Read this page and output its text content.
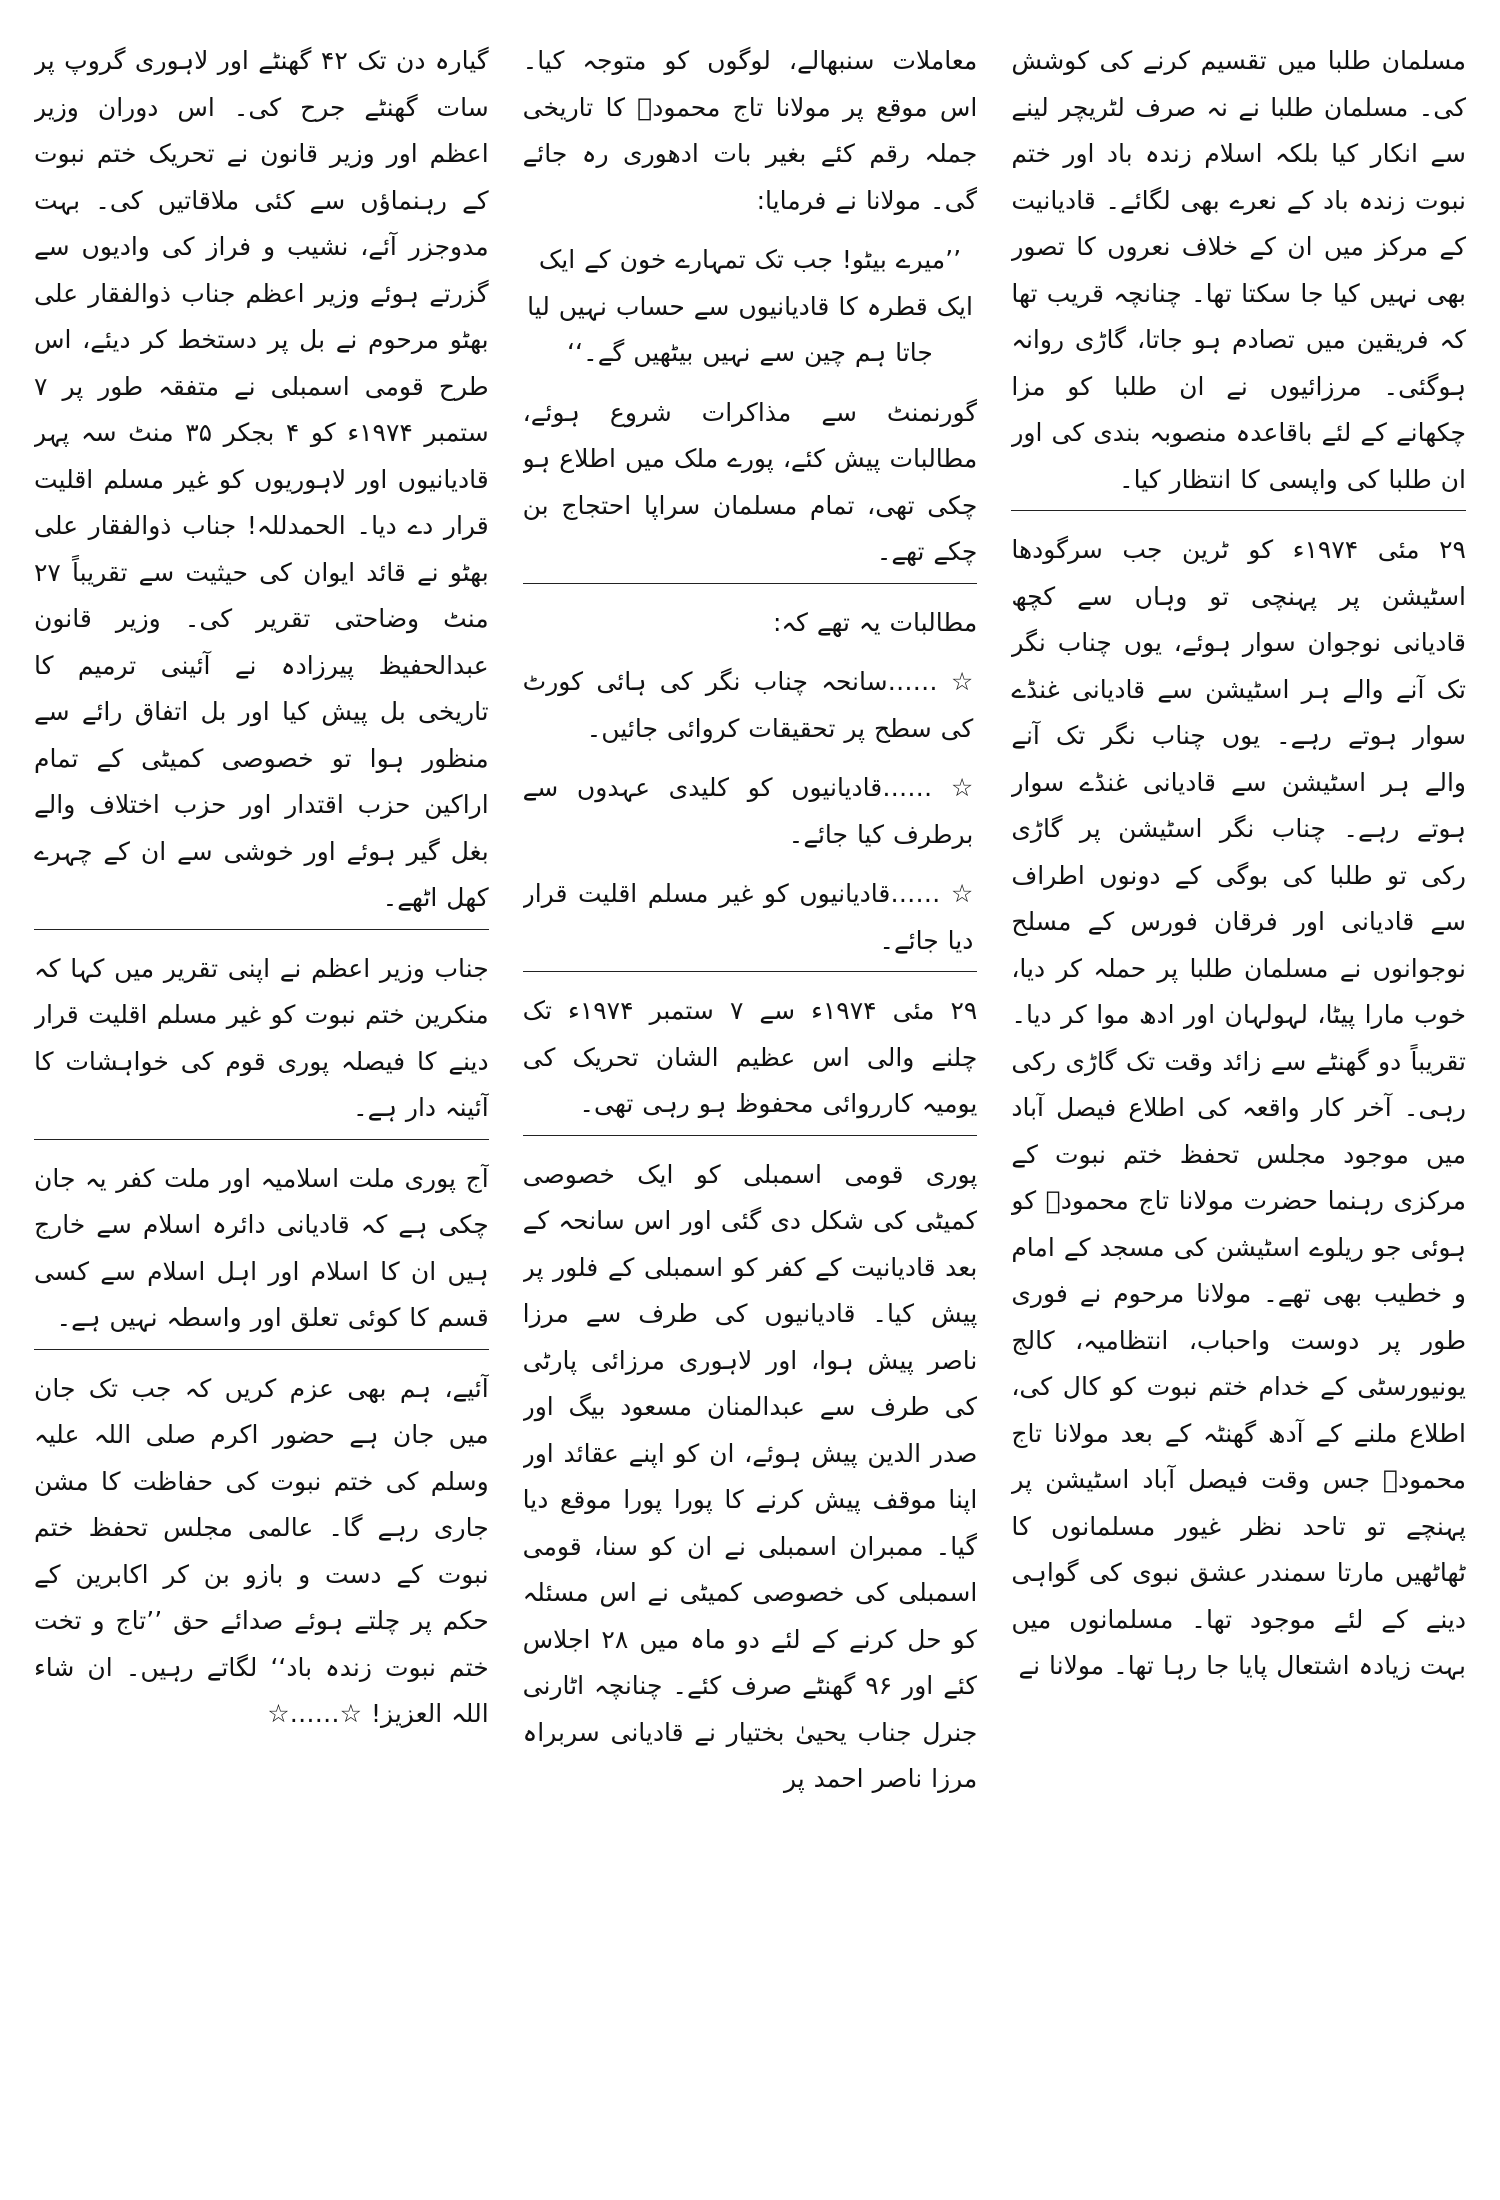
مسلمان طلبا میں تقسیم کرنے کی کوشش کی۔ مسلمان طلبا نے نہ صرف لٹریچر لینے سے انکار کیا بلکہ اسلام زندہ باد اور ختم نبوت زندہ باد کے نعرے بھی لگائے۔ قادیانیت کے مرکز میں ان کے خلاف نعروں کا تصور بھی نہیں کیا جا سکتا تھا۔ چنانچہ قریب تھا کہ فریقین میں تصادم ہو جاتا، گاڑی روانہ ہوگئی۔ مرزائیوں نے ان طلبا کو مزا چکھانے کے لئے باقاعدہ منصوبہ بندی کی اور ان طلبا کی واپسی کا انتظار کیا۔

۲۹ مئی ۱۹۷۴ء کو ٹرین جب سرگودھا اسٹیشن پر پہنچی تو وہاں سے کچھ قادیانی نوجوان سوار ہوئے، یوں چناب نگر تک آنے والے ہر اسٹیشن سے قادیانی غنڈے سوار ہوتے رہے۔ یوں چناب نگر تک آنے والے ہر اسٹیشن سے قادیانی غنڈے سوار ہوتے رہے۔ چناب نگر اسٹیشن پر گاڑی رکی تو طلبا کی بوگی کے دونوں اطراف سے قادیانی اور فرقان فورس کے مسلح نوجوانوں نے مسلمان طلبا پر حملہ کر دیا، خوب مارا پیٹا، لہولہان اور ادھ موا کر دیا۔ تقریباً دو گھنٹے سے زائد وقت تک گاڑی رکی رہی۔ آخر کار واقعہ کی اطلاع فیصل آباد میں موجود مجلس تحفظ ختم نبوت کے مرکزی رہنما حضرت مولانا تاج محمودؒ کو ہوئی جو ریلوے اسٹیشن کی مسجد کے امام و خطیب بھی تھے۔ مولانا مرحوم نے فوری طور پر دوست واحباب، انتظامیہ، کالج یونیورسٹی کے خدام ختم نبوت کو کال کی، اطلاع ملنے کے آدھ گھنٹہ کے بعد مولانا تاج محمودؒ جس وقت فیصل آباد اسٹیشن پر پہنچے تو تاحد نظر غیور مسلمانوں کا ٹھاٹھیں مارتا سمندر عشق نبوی کی گواہی دینے کے لئے موجود تھا۔ مسلمانوں میں بہت زیادہ اشتعال پایا جا رہا تھا۔ مولانا نے

معاملات سنبھالے، لوگوں کو متوجہ کیا۔ اس موقع پر مولانا تاج محمودؒ کا تاریخی جملہ رقم کئے بغیر بات ادھوری رہ جائے گی۔ مولانا نے فرمایا:

’’میرے بیٹو! جب تک تمہارے خون کے ایک ایک قطرہ کا قادیانیوں سے حساب نہیں لیا جاتا ہم چین سے نہیں بیٹھیں گے۔‘‘

گورنمنٹ سے مذاکرات شروع ہوئے، مطالبات پیش کئے، پورے ملک میں اطلاع ہو چکی تھی، تمام مسلمان سراپا احتجاج بن چکے تھے۔

مطالبات یہ تھے کہ:

☆ ……سانحہ چناب نگر کی ہائی کورٹ کی سطح پر تحقیقات کروائی جائیں۔

☆ ……قادیانیوں کو کلیدی عہدوں سے برطرف کیا جائے۔

☆ ……قادیانیوں کو غیر مسلم اقلیت قرار دیا جائے۔

۲۹ مئی ۱۹۷۴ء سے ۷ ستمبر ۱۹۷۴ء تک چلنے والی اس عظیم الشان تحریک کی یومیہ کارروائی محفوظ ہو رہی تھی۔

پوری قومی اسمبلی کو ایک خصوصی کمیٹی کی شکل دی گئی اور اس سانحہ کے بعد قادیانیت کے کفر کو اسمبلی کے فلور پر پیش کیا۔ قادیانیوں کی طرف سے مرزا ناصر پیش ہوا، اور لاہوری مرزائی پارٹی کی طرف سے عبدالمنان مسعود بیگ اور صدر الدین پیش ہوئے، ان کو اپنے عقائد اور اپنا موقف پیش کرنے کا پورا پورا موقع دیا گیا۔ ممبران اسمبلی نے ان کو سنا، قومی اسمبلی کی خصوصی کمیٹی نے اس مسئلہ کو حل کرنے کے لئے دو ماہ میں ۲۸ اجلاس کئے اور ۹۶ گھنٹے صرف کئے۔ چنانچہ اٹارنی جنرل جناب یحییٰ بختیار نے قادیانی سربراہ مرزا ناصر احمد پر

گیارہ دن تک ۴۲ گھنٹے اور لاہوری گروپ پر سات گھنٹے جرح کی۔ اس دوران وزیر اعظم اور وزیر قانون نے تحریک ختم نبوت کے رہنماؤں سے کئی ملاقاتیں کی۔ بہت مدوجزر آئے، نشیب و فراز کی وادیوں سے گزرتے ہوئے وزیر اعظم جناب ذوالفقار علی بھٹو مرحوم نے بل پر دستخط کر دیئے، اس طرح قومی اسمبلی نے متفقہ طور پر ۷ ستمبر ۱۹۷۴ء کو ۴ بجکر ۳۵ منٹ سہ پہر قادیانیوں اور لاہوریوں کو غیر مسلم اقلیت قرار دے دیا۔ الحمدللہ! جناب ذوالفقار علی بھٹو نے قائد ایوان کی حیثیت سے تقریباً ۲۷ منٹ وضاحتی تقریر کی۔ وزیر قانون عبدالحفیظ پیرزادہ نے آئینی ترمیم کا تاریخی بل پیش کیا اور بل اتفاق رائے سے منظور ہوا تو خصوصی کمیٹی کے تمام اراکین حزب اقتدار اور حزب اختلاف والے بغل گیر ہوئے اور خوشی سے ان کے چہرے کھل اٹھے۔

جناب وزیر اعظم نے اپنی تقریر میں کہا کہ منکرین ختم نبوت کو غیر مسلم اقلیت قرار دینے کا فیصلہ پوری قوم کی خواہشات کا آئینہ دار ہے۔

آج پوری ملت اسلامیہ اور ملت کفر یہ جان چکی ہے کہ قادیانی دائرہ اسلام سے خارج ہیں ان کا اسلام اور اہل اسلام سے کسی قسم کا کوئی تعلق اور واسطہ نہیں ہے۔

آئیے، ہم بھی عزم کریں کہ جب تک جان میں جان ہے حضور اکرم صلی اللہ علیہ وسلم کی ختم نبوت کی حفاظت کا مشن جاری رہے گا۔ عالمی مجلس تحفظ ختم نبوت کے دست و بازو بن کر اکابرین کے حکم پر چلتے ہوئے صدائے حق ’’تاج و تخت ختم نبوت زندہ باد‘‘ لگاتے رہیں۔ ان شاء اللہ العزیز! ☆……☆
